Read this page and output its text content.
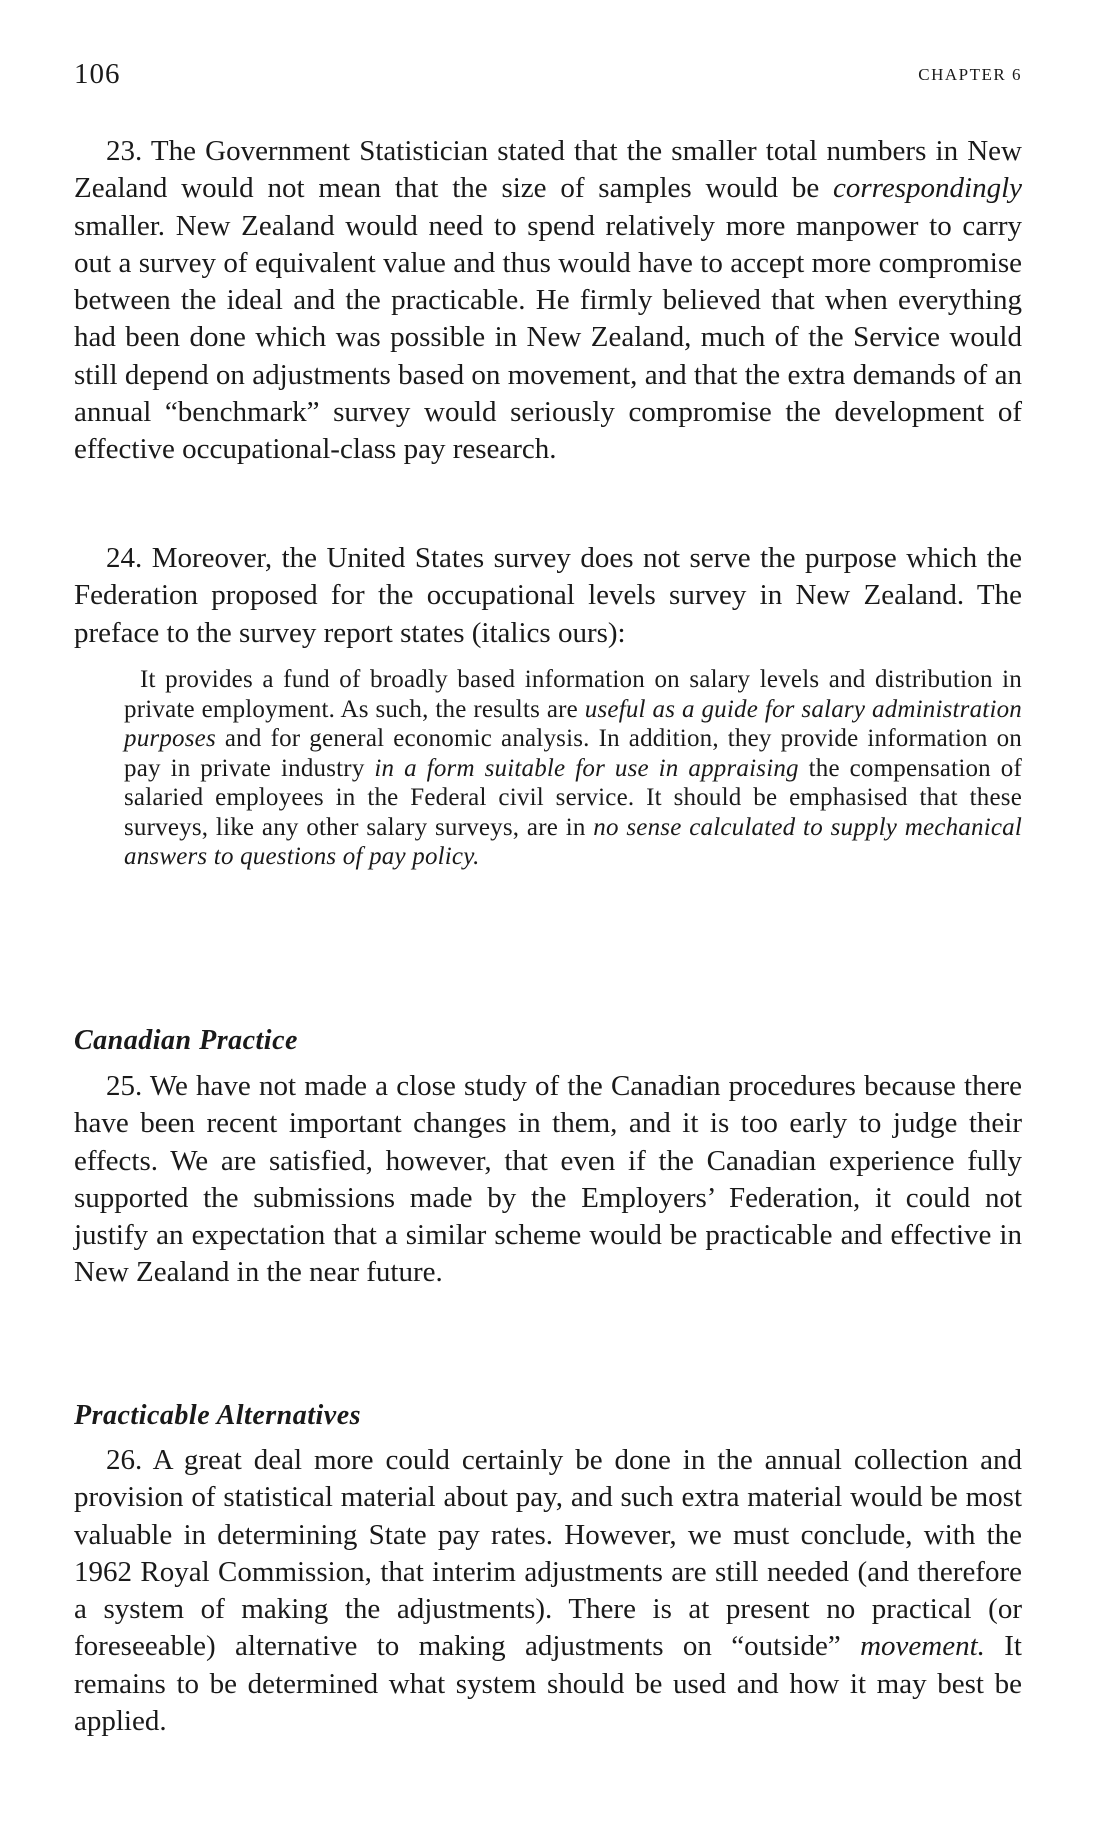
106	CHAPTER 6

23. The Government Statistician stated that the smaller total numbers in New Zealand would not mean that the size of samples would be correspondingly smaller. New Zealand would need to spend relatively more manpower to carry out a survey of equivalent value and thus would have to accept more compromise between the ideal and the practicable. He firmly believed that when everything had been done which was possible in New Zealand, much of the Service would still depend on adjustments based on movement, and that the extra demands of an annual “benchmark” survey would seriously compromise the development of effective occupational-class pay research.

24. Moreover, the United States survey does not serve the purpose which the Federation proposed for the occupational levels survey in New Zealand. The preface to the survey report states (italics ours):

It provides a fund of broadly based information on salary levels and distribution in private employment. As such, the results are useful as a guide for salary administration purposes and for general economic analysis. In addition, they provide information on pay in private industry in a form suitable for use in appraising the compensation of salaried employees in the Federal civil service. It should be emphasised that these surveys, like any other salary surveys, are in no sense calculated to supply mechanical answers to questions of pay policy.

Canadian Practice

25. We have not made a close study of the Canadian procedures because there have been recent important changes in them, and it is too early to judge their effects. We are satisfied, however, that even if the Canadian experience fully supported the submissions made by the Employers’ Federation, it could not justify an expectation that a similar scheme would be practicable and effective in New Zealand in the near future.

Practicable Alternatives

26. A great deal more could certainly be done in the annual collection and provision of statistical material about pay, and such extra material would be most valuable in determining State pay rates. However, we must conclude, with the 1962 Royal Commission, that interim adjustments are still needed (and therefore a system of making the adjustments). There is at present no practical (or foreseeable) alternative to making adjustments on “outside” movement. It remains to be determined what system should be used and how it may best be applied.
